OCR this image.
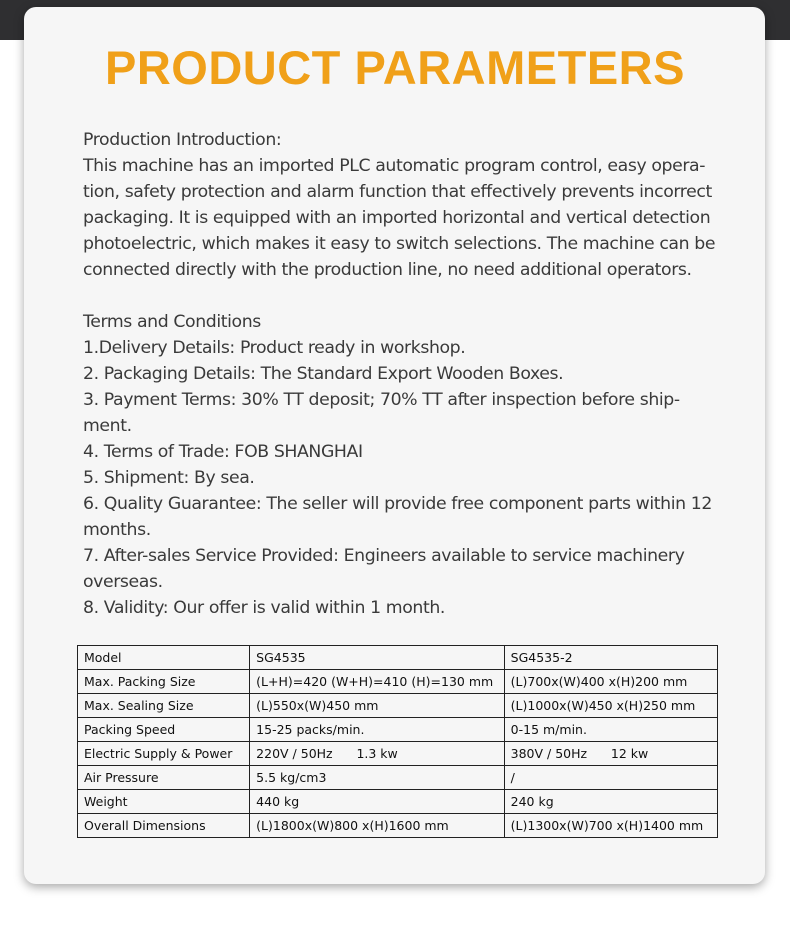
PRODUCT PARAMETERS
Production Introduction:
This machine has an imported PLC automatic program control, easy opera-
tion, safety protection and alarm function that effectively prevents incorrect
packaging. It is equipped with an imported horizontal and vertical detection
photoelectric, which makes it easy to switch selections. The machine can be
connected directly with the production line, no need additional operators.
Terms and Conditions
1.Delivery Details: Product ready in workshop.
2. Packaging Details: The Standard Export Wooden Boxes.
3. Payment Terms: 30% TT deposit; 70% TT after inspection before ship-
ment.
4. Terms of Trade: FOB SHANGHAI
5. Shipment: By sea.
6. Quality Guarantee: The seller will provide free component parts within 12
months.
7. After-sales Service Provided: Engineers available to service machinery
overseas.
8. Validity: Our offer is valid within 1 month.
Model	SG4535	SG4535-2
Max. Packing Size	(L+H)=420 (W+H)=410 (H)=130 mm	(L)700x(W)400 x(H)200 mm
Max. Sealing Size	(L)550x(W)450 mm	(L)1000x(W)450 x(H)250 mm
Packing Speed	15-25 packs/min.	0-15 m/min.
Electric Supply & Power	220V / 50Hz      1.3 kw	380V / 50Hz      12 kw
Air Pressure	5.5 kg/cm3	/
Weight	440 kg	240 kg
Overall Dimensions	(L)1800x(W)800 x(H)1600 mm	(L)1300x(W)700 x(H)1400 mm
